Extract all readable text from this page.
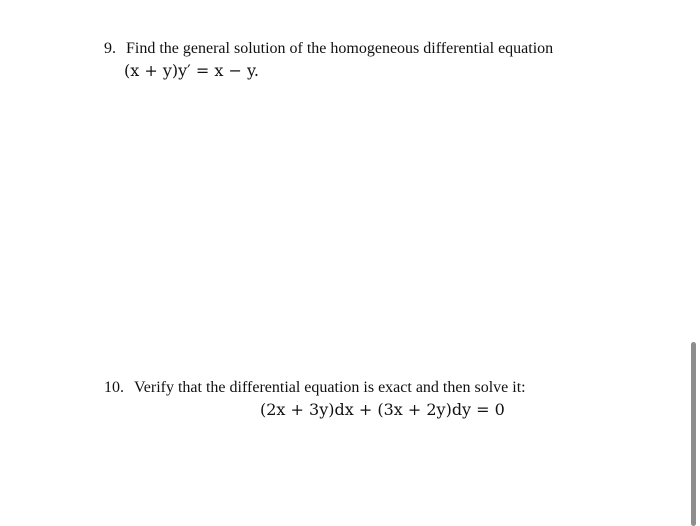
9. Find the general solution of the homogeneous differential equation
(x + y)y′ = x − y.
10. Verify that the differential equation is exact and then solve it:
(2x + 3y)dx + (3x + 2y)dy = 0
